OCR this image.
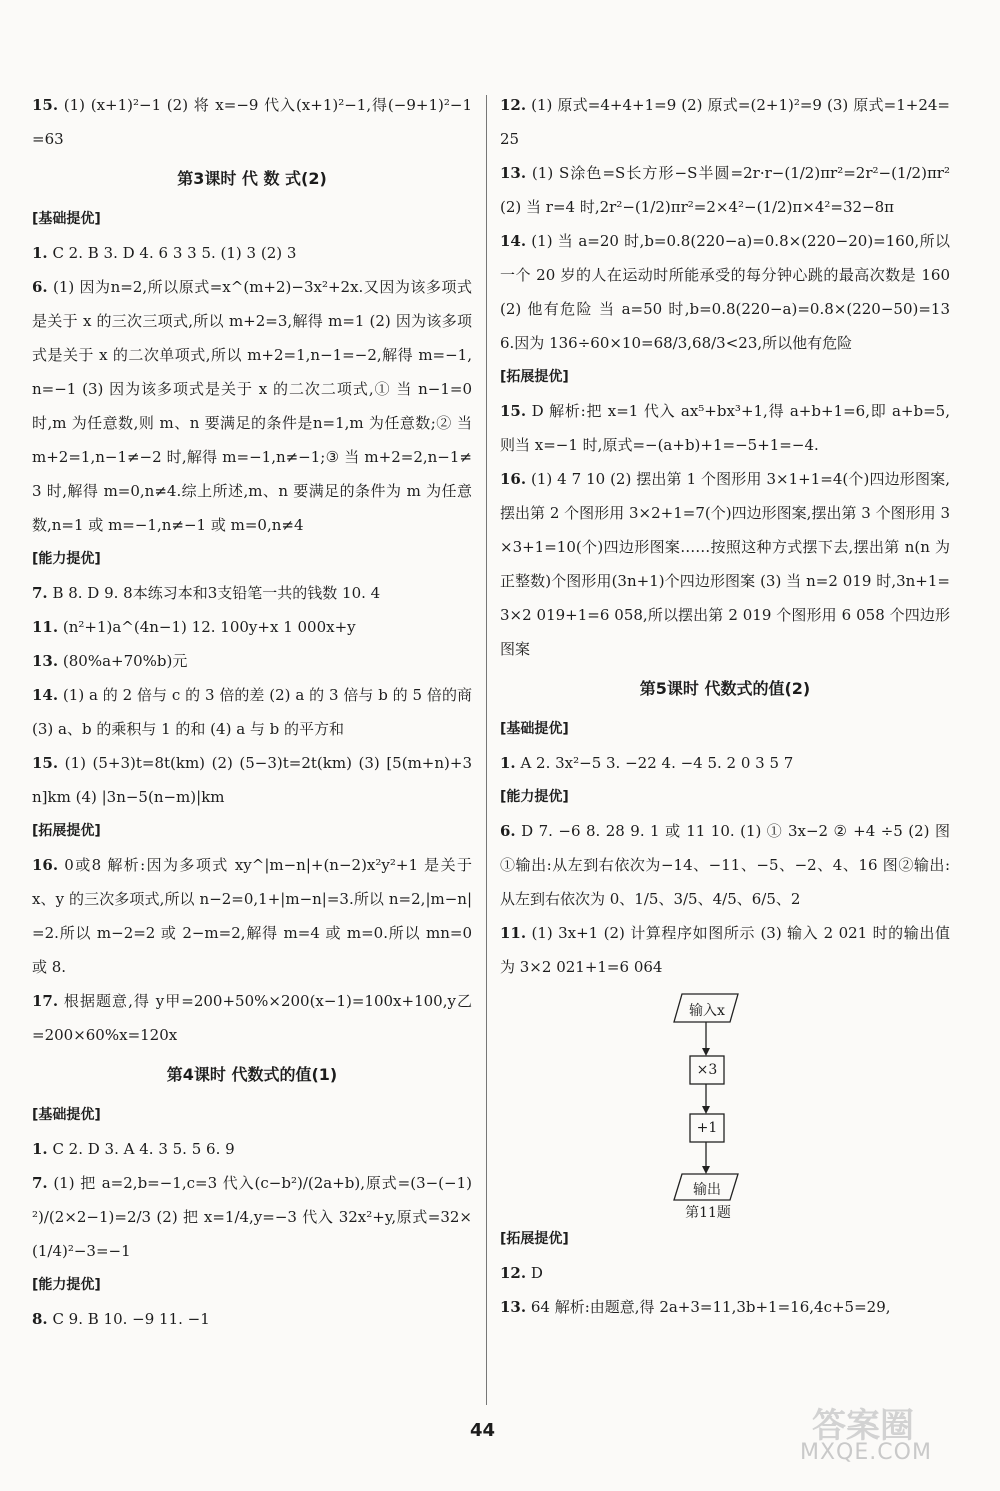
15. (1) (x+1)²−1 (2) 将 x=−9 代入(x+1)²−1,得(−9+1)²−1=63

第3课时 代 数 式(2)

[基础提优]

1. C 2. B 3. D 4. 6 3 3 5. (1) 3 (2) 3

6. (1) 因为n=2,所以原式=x^(m+2)−3x²+2x.又因为该多项式是关于 x 的三次三项式,所以 m+2=3,解得 m=1 (2) 因为该多项式是关于 x 的二次单项式,所以 m+2=1,n−1=−2,解得 m=−1,n=−1 (3) 因为该多项式是关于 x 的二次二项式,① 当 n−1=0 时,m 为任意数,则 m、n 要满足的条件是n=1,m 为任意数;② 当 m+2=1,n−1≠−2 时,解得 m=−1,n≠−1;③ 当 m+2=2,n−1≠3 时,解得 m=0,n≠4.综上所述,m、n 要满足的条件为 m 为任意数,n=1 或 m=−1,n≠−1 或 m=0,n≠4

[能力提优]

7. B 8. D 9. 8本练习本和3支铅笔一共的钱数 10. 4

11. (n²+1)a^(4n−1) 12. 100y+x 1 000x+y

13. (80%a+70%b)元

14. (1) a 的 2 倍与 c 的 3 倍的差 (2) a 的 3 倍与 b 的 5 倍的商 (3) a、b 的乘积与 1 的和 (4) a 与 b 的平方和

15. (1) (5+3)t=8t(km) (2) (5−3)t=2t(km) (3) [5(m+n)+3n]km (4) |3n−5(n−m)|km

[拓展提优]

16. 0或8 解析:因为多项式 xy^|m−n|+(n−2)x²y²+1 是关于 x、y 的三次多项式,所以 n−2=0,1+|m−n|=3.所以 n=2,|m−n|=2.所以 m−2=2 或 2−m=2,解得 m=4 或 m=0.所以 mn=0 或 8.

17. 根据题意,得 y甲=200+50%×200(x−1)=100x+100,y乙=200×60%x=120x

第4课时 代数式的值(1)

[基础提优]

1. C 2. D 3. A 4. 3 5. 5 6. 9

7. (1) 把 a=2,b=−1,c=3 代入(c−b²)/(2a+b),原式=(3−(−1)²)/(2×2−1)=2/3 (2) 把 x=1/4,y=−3 代入 32x²+y,原式=32×(1/4)²−3=−1

[能力提优]

8. C 9. B 10. −9 11. −1

12. (1) 原式=4+4+1=9 (2) 原式=(2+1)²=9 (3) 原式=1+24=25

13. (1) S涂色=S长方形−S半圆=2r·r−(1/2)πr²=2r²−(1/2)πr² (2) 当 r=4 时,2r²−(1/2)πr²=2×4²−(1/2)π×4²=32−8π

14. (1) 当 a=20 时,b=0.8(220−a)=0.8×(220−20)=160,所以一个 20 岁的人在运动时所能承受的每分钟心跳的最高次数是 160 (2) 他有危险 当 a=50 时,b=0.8(220−a)=0.8×(220−50)=136.因为 136÷60×10=68/3,68/3<23,所以他有危险

[拓展提优]

15. D 解析:把 x=1 代入 ax⁵+bx³+1,得 a+b+1=6,即 a+b=5,则当 x=−1 时,原式=−(a+b)+1=−5+1=−4.

16. (1) 4 7 10 (2) 摆出第 1 个图形用 3×1+1=4(个)四边形图案,摆出第 2 个图形用 3×2+1=7(个)四边形图案,摆出第 3 个图形用 3×3+1=10(个)四边形图案……按照这种方式摆下去,摆出第 n(n 为正整数)个图形用(3n+1)个四边形图案 (3) 当 n=2 019 时,3n+1=3×2 019+1=6 058,所以摆出第 2 019 个图形用 6 058 个四边形图案

第5课时 代数式的值(2)

[基础提优]

1. A 2. 3x²−5 3. −22 4. −4 5. 2 0 3 5 7

[能力提优]

6. D 7. −6 8. 28 9. 1 或 11 10. (1) ① 3x−2 ② +4 ÷5 (2) 图①输出:从左到右依次为−14、−11、−5、−2、4、16 图②输出:从左到右依次为 0、1/5、3/5、4/5、6/5、2

11. (1) 3x+1 (2) 计算程序如图所示 (3) 输入 2 021 时的输出值为 3×2 021+1=6 064

输入x
×3
+1
输出
第11题

[拓展提优]

12. D

13. 64 解析:由题意,得 2a+3=11,3b+1=16,4c+5=29,

44	答案圈
MXQE.COM
